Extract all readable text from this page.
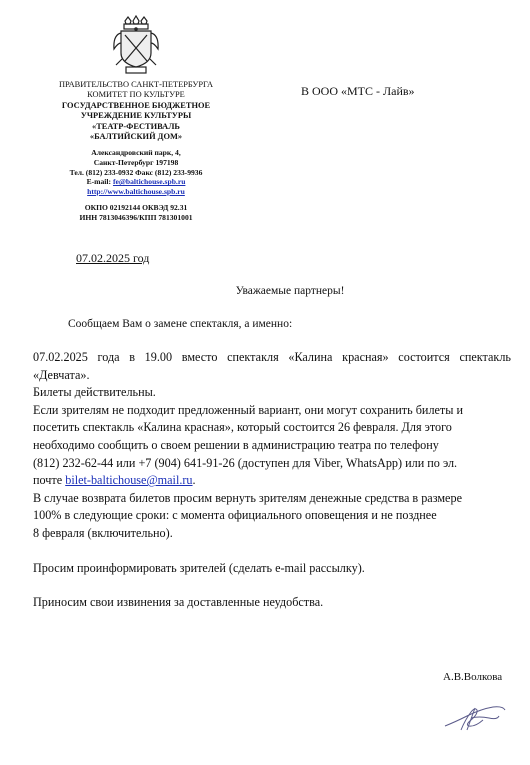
ПРАВИТЕЛЬСТВО САНКТ-ПЕТЕРБУРГА
КОМИТЕТ ПО КУЛЬТУРЕ
ГОСУДАРСТВЕННОЕ БЮДЖЕТНОЕ
УЧРЕЖДЕНИЕ КУЛЬТУРЫ
«ТЕАТР-ФЕСТИВАЛЬ
«БАЛТИЙСКИЙ ДОМ»
Александровский парк, 4,
Санкт-Петербург 197198
Тел. (812) 233-0932 Факс (812) 233-9936
E-mail: fe@baltichouse.spb.ru
http://www.baltichouse.spb.ru
ОКПО 02192144 ОКВЭД 92.31
ИНН 7813046396/КПП 781301001
В ООО «МТС - Лайв»
07.02.2025 год
Уважаемые партнеры!
Сообщаем Вам о замене спектакля, а именно:

07.02.2025 года в 19.00 вместо спектакля «Калина красная» состоится спектакль

«Девчата».

Билеты действительны.

Если зрителям не подходит предложенный вариант, они могут сохранить билеты и

посетить спектакль «Калина красная», который состоится 26 февраля. Для этого

необходимо сообщить о своем решении в администрацию театра по телефону

(812) 232-62-44 или +7 (904) 641-91-26 (доступен для Viber, WhatsApp) или по эл.

почте bilet-baltichouse@mail.ru.

В случае возврата билетов просим вернуть зрителям денежные средства в размере

100% в следующие сроки: с момента официального оповещения и не позднее

8 февраля (включительно).

Просим проинформировать зрителей (сделать e-mail рассылку).

Приносим свои извинения за доставленные неудобства.

А.В.Волкова
